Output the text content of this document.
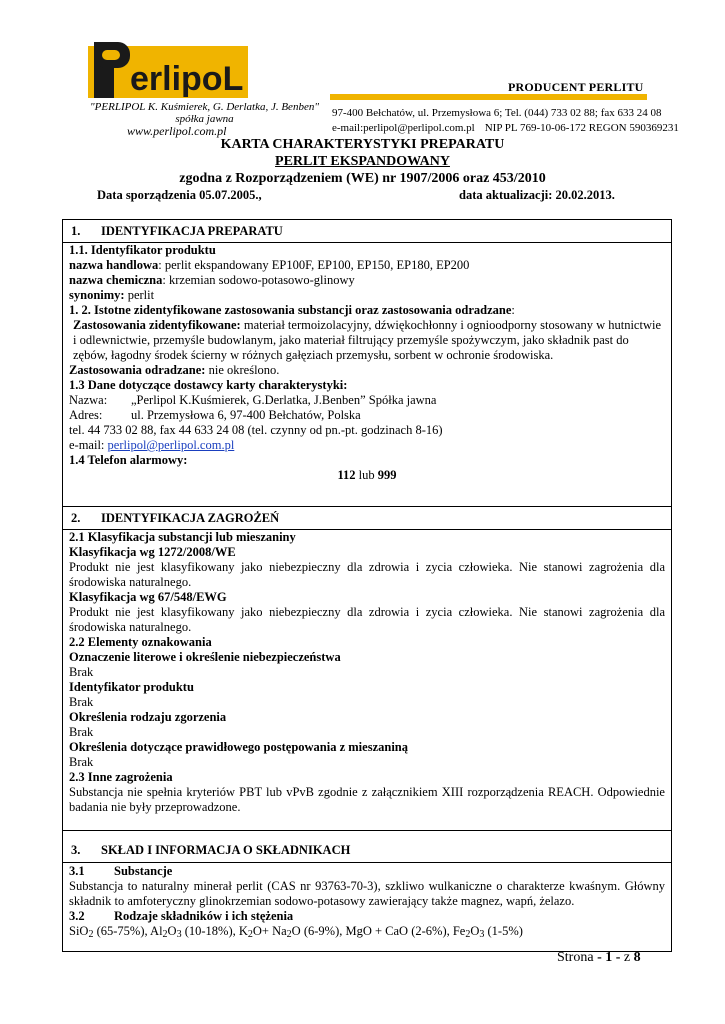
erlipoL
"PERLIPOL K. Kuśmierek, G. Derlatka, J. Benben" spółka jawna
www.perlipol.com.pl
PRODUCENT PERLITU
97-400 Bełchatów, ul. Przemysłowa 6; Tel. (044) 733 02 88; fax 633 24 08
e-mail:perlipol@perlipol.com.pl NIP PL 769-10-06-172 REGON 590369231
KARTA CHARAKTERYSTYKI PREPARATU
PERLIT EKSPANDOWANY
zgodna z Rozporządzeniem (WE) nr 1907/2006 oraz 453/2010
Data sporządzenia 05.07.2005.,	data aktualizacji: 20.02.2013.
1. IDENTYFIKACJA PREPARATU

1.1. Identyfikator produktu

nazwa handlowa: perlit ekspandowany EP100F, EP100, EP150, EP180, EP200

nazwa chemiczna: krzemian sodowo-potasowo-glinowy

synonimy: perlit

1. 2. Istotne zidentyfikowane zastosowania substancji oraz zastosowania odradzane:

Zastosowania zidentyfikowane: materiał termoizolacyjny, dźwiękochłonny i ognioodporny stosowany w hutnictwie i odlewnictwie, przemyśle budowlanym, jako materiał filtrujący przemyśle spożywczym, jako składnik past do zębów, łagodny środek ścierny w różnych gałęziach przemysłu, sorbent w ochronie środowiska.

Zastosowania odradzane: nie określono.

1.3 Dane dotyczące dostawcy karty charakterystyki:

Nazwa: „Perlipol K.Kuśmierek, G.Derlatka, J.Benben” Spółka jawna

Adres: ul. Przemysłowa 6, 97-400 Bełchatów, Polska

tel. 44 733 02 88, fax 44 633 24 08 (tel. czynny od pn.-pt. godzinach 8-16)

e-mail: perlipol@perlipol.com.pl

1.4 Telefon alarmowy:

112 lub 999

2. IDENTYFIKACJA ZAGROŻEŃ

2.1 Klasyfikacja substancji lub mieszaniny

Klasyfikacja wg 1272/2008/WE

Produkt nie jest klasyfikowany jako niebezpieczny dla zdrowia i zycia człowieka. Nie stanowi zagrożenia dla środowiska naturalnego.

Klasyfikacja wg 67/548/EWG

Produkt nie jest klasyfikowany jako niebezpieczny dla zdrowia i zycia człowieka. Nie stanowi zagrożenia dla środowiska naturalnego.

2.2 Elementy oznakowania

Oznaczenie literowe i określenie niebezpieczeństwa

Brak

Identyfikator produktu

Brak

Określenia rodzaju zgorzenia

Brak

Określenia dotyczące prawidłowego postępowania z mieszaniną

Brak

2.3 Inne zagrożenia

Substancja nie spełnia kryteriów PBT lub vPvB zgodnie z załącznikiem XIII rozporządzenia REACH. Odpowiednie badania nie były przeprowadzone.

3. SKŁAD I INFORMACJA O SKŁADNIKACH

3.1 Substancje

Substancja to naturalny minerał perlit (CAS nr 93763-70-3), szkliwo wulkaniczne o charakterze kwaśnym. Główny składnik to amfoteryczny glinokrzemian sodowo-potasowy zawierający także magnez, wapń, żelazo.

3.2 Rodzaje składników i ich stężenia

SiO$_2$ (65-75%), $Al_2O_3$ (10-18%), $K_2O+ Na_2O$ (6-9%), MgO + CaO (2-6%), $Fe_2O_3$ (1-5%)

Strona - 1 - z 8
